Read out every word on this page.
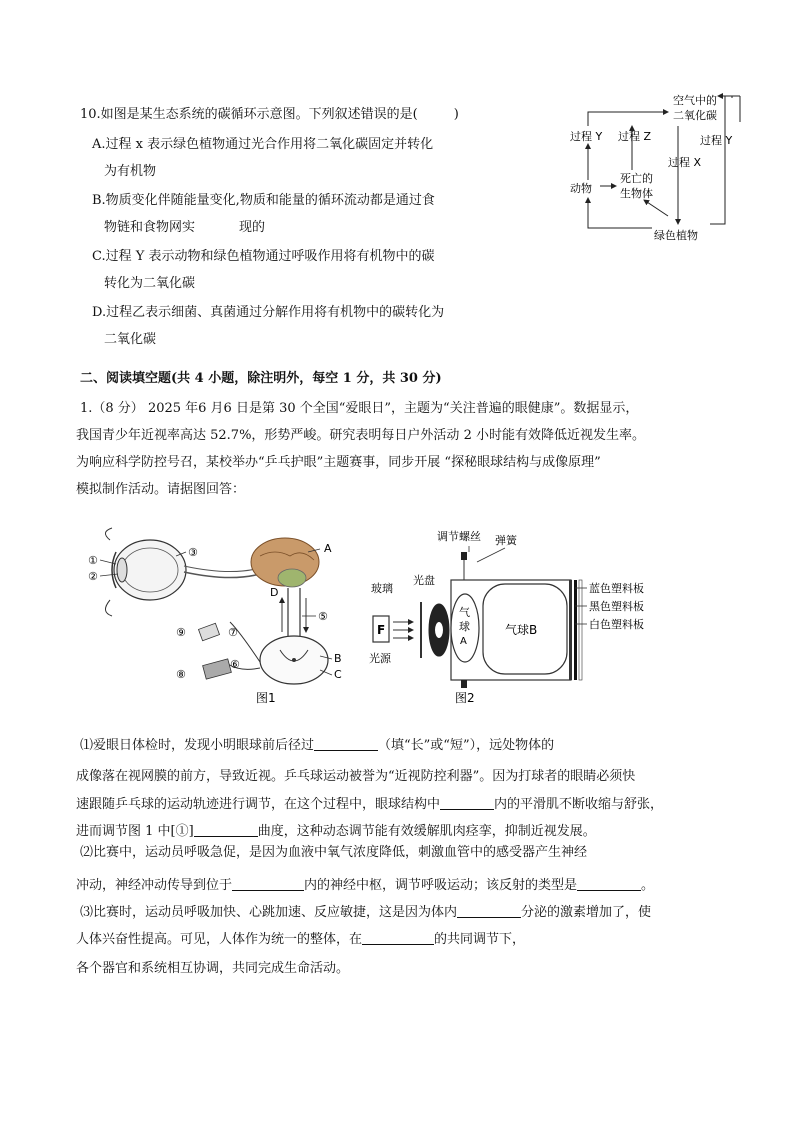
10.如图是某生态系统的碳循环示意图。下列叙述错误的是(	)
A.过程 x 表示绿色植物通过光合作用将二氧化碳固定并转化
为有机物
B.物质变化伴随能量变化,物质和能量的循环流动都是通过食
物链和食物网实	现的
C.过程 Y 表示动物和绿色植物通过呼吸作用将有机物中的碳
转化为二氧化碳
D.过程乙表示细菌、真菌通过分解作用将有机物中的碳转化为
二氧化碳
空气中的
二氧化碳
过程 Y 过程 Z
过程 X
过程 Y
动物
死亡的
生物体
绿色植物
二、阅读填空题(共 4 小题，除注明外，每空 1 分，共 30 分)
1.（8 分） 2025 年6 月6 日是第 30 个全国“爱眼日”，主题为“关注普遍的眼健康”。数据显示，
我国青少年近视率高达 52.7%，形势严峻。研究表明每日户外活动 2 小时能有效降低近视发生率。
为响应科学防控号召，某校举办“乒乓护眼”主题赛事，同步开展 “探秘眼球结构与成像原理”
模拟制作活动。请据图回答：
①
②
③	A
D
⑤
B
C
⑨	⑦
⑧
⑥
图1
调节螺丝 弹簧
玻璃
光盘
F
光源
气
球
A
气球B
蓝色塑料板
黑色塑料板
白色塑料板
图2
⑴爱眼日体检时，发现小明眼球前后径过	（填“长”或“短”），远处物体的
成像落在视网膜的前方，导致近视。乒乓球运动被誉为“近视防控利器”。因为打球者的眼睛必须快
速跟随乒乓球的运动轨迹进行调节，在这个过程中，眼球结构中	内的平滑肌不断收缩与舒张，
进而调节图 1 中[①]	曲度，这种动态调节能有效缓解肌肉痉挛，抑制近视发展。
⑵比赛中，运动员呼吸急促，是因为血液中氧气浓度降低，刺激血管中的感受器产生神经
冲动，神经冲动传导到位于	内的神经中枢，调节呼吸运动；该反射的类型是	。
⑶比赛时，运动员呼吸加快、心跳加速、反应敏捷，这是因为体内	分泌的激素增加了，使
人体兴奋性提高。可见，人体作为统一的整体，在	的共同调节下，
各个器官和系统相互协调，共同完成生命活动。
